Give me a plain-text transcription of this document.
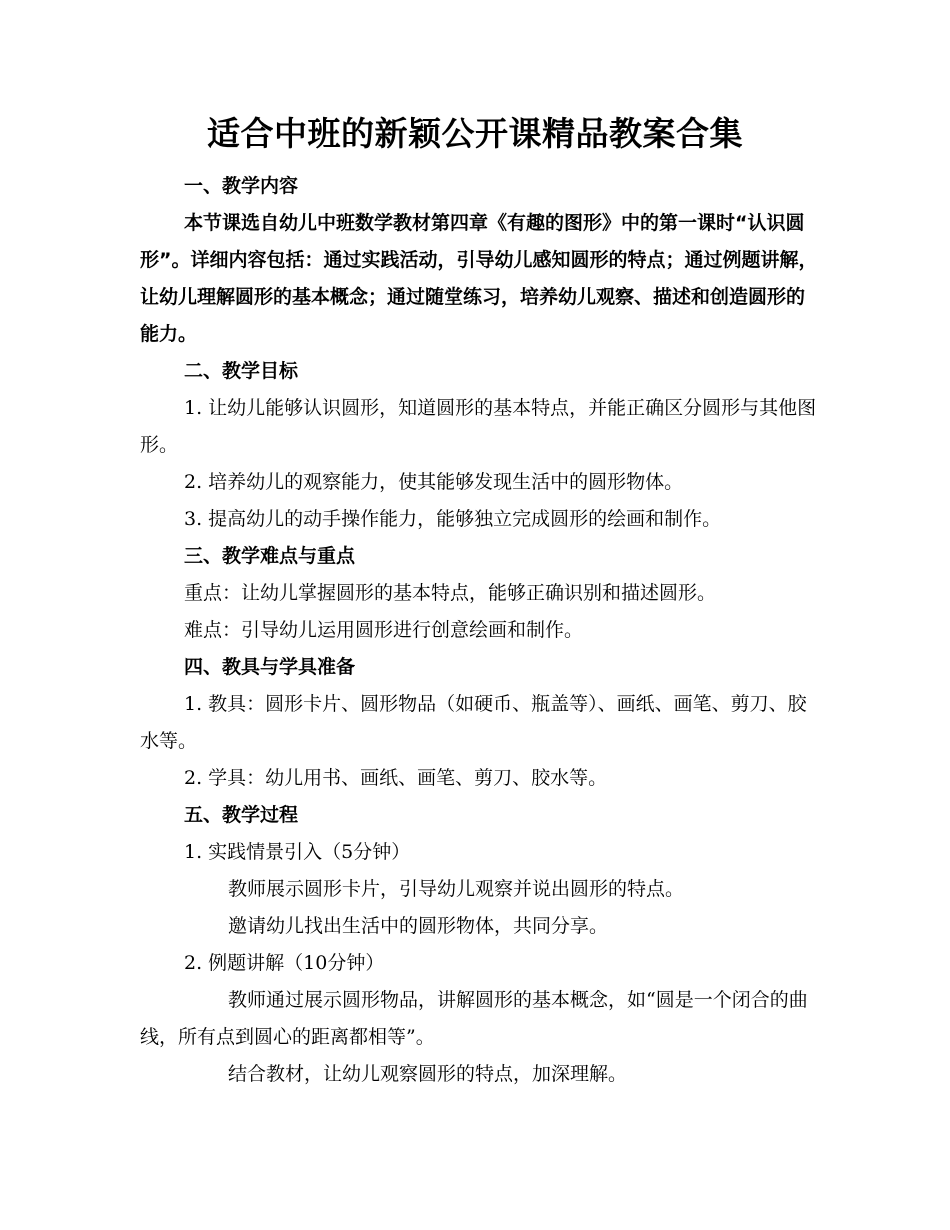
适合中班的新颖公开课精品教案合集

一、教学内容

本节课选自幼儿中班数学教材第四章《有趣的图形》中的第一课时“认识圆形”。详细内容包括：通过实践活动，引导幼儿感知圆形的特点；通过例题讲解，让幼儿理解圆形的基本概念；通过随堂练习，培养幼儿观察、描述和创造圆形的能力。

二、教学目标

1. 让幼儿能够认识圆形，知道圆形的基本特点，并能正确区分圆形与其他图形。

2. 培养幼儿的观察能力，使其能够发现生活中的圆形物体。

3. 提高幼儿的动手操作能力，能够独立完成圆形的绘画和制作。

三、教学难点与重点

重点：让幼儿掌握圆形的基本特点，能够正确识别和描述圆形。

难点：引导幼儿运用圆形进行创意绘画和制作。

四、教具与学具准备

1. 教具：圆形卡片、圆形物品（如硬币、瓶盖等）、画纸、画笔、剪刀、胶水等。

2. 学具：幼儿用书、画纸、画笔、剪刀、胶水等。

五、教学过程

1. 实践情景引入（5分钟）

教师展示圆形卡片，引导幼儿观察并说出圆形的特点。

邀请幼儿找出生活中的圆形物体，共同分享。

2. 例题讲解（10分钟）

教师通过展示圆形物品，讲解圆形的基本概念，如“圆是一个闭合的曲线，所有点到圆心的距离都相等”。

结合教材，让幼儿观察圆形的特点，加深理解。
